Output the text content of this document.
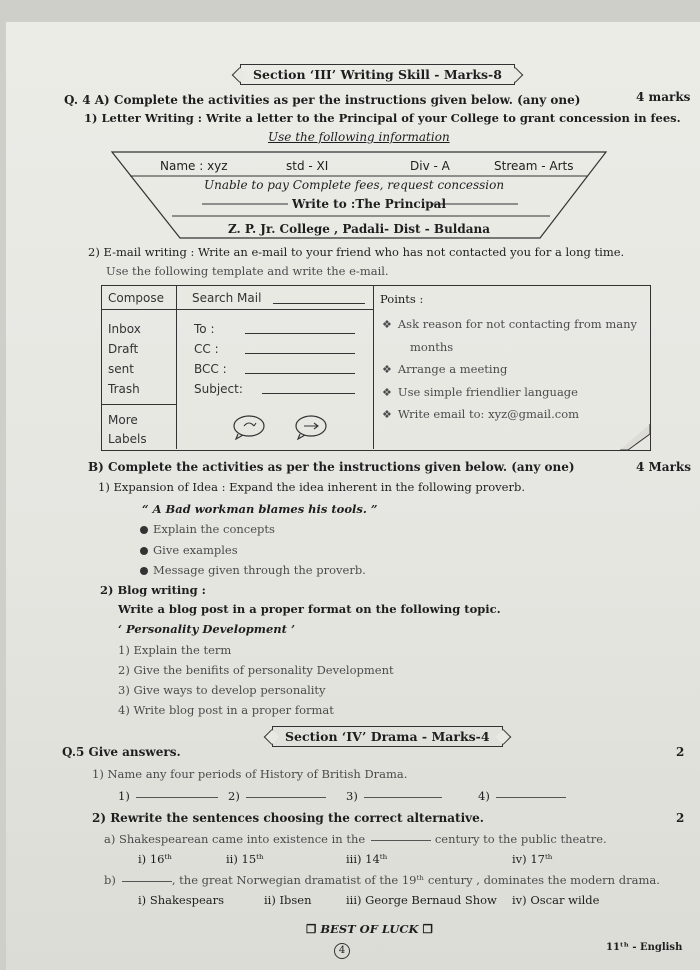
Section ‘III’ Writing Skill - Marks-8
Q. 4 A) Complete the activities as per the instructions given below. (any one)	4 marks
1) Letter Writing : Write a letter to the Principal of your College to grant concession in fees.
Use the following information
Name : xyz	std - XI	Div - A	Stream - Arts
Unable to pay Complete fees, request concession
Write to :The Principal
Z. P. Jr. College , Padali- Dist - Buldana
2) E-mail writing : Write an e-mail to your friend who has not contacted you for a long time.
Use the following template and write the e-mail.
Compose Search Mail
Inbox
Draft
sent
Trash
More
Labels
To :
CC :
BCC :
Subject:
Points :
❖ Ask reason for not contacting from many
months
❖ Arrange a meeting
❖ Use simple friendlier language
❖ Write email to: xyz@gmail.com
B) Complete the activities as per the instructions given below. (any one)	4 Marks
1) Expansion of Idea : Expand the idea inherent in the following proverb.
“ A Bad workman blames his tools. ”
Explain the concepts
Give examples
Message given through the proverb.
2) Blog writing :
Write a blog post in a proper format on the following topic.
‘ Personality Development ’
1) Explain the term
2) Give the benifits of personality Development
3) Give ways to develop personality
4) Write blog post in a proper format
Section ‘IV’ Drama - Marks-4
Q.5 Give answers.	2
1) Name any four periods of History of British Drama.
1)	2)	3)	4)
2) Rewrite the sentences choosing the correct alternative.	2
a) Shakespearean came into existence in the	century to the public theatre.
i) 16ᵗʰ	ii) 15ᵗʰ	iii) 14ᵗʰ	iv) 17ᵗʰ
b)	, the great Norwegian dramatist of the 19ᵗʰ century , dominates the modern drama.
i) Shakespears	ii) Ibsen	iii) George Bernaud Show iv) Oscar wilde
❐ BEST OF LUCK ❐
4	11ᵗʰ - English
